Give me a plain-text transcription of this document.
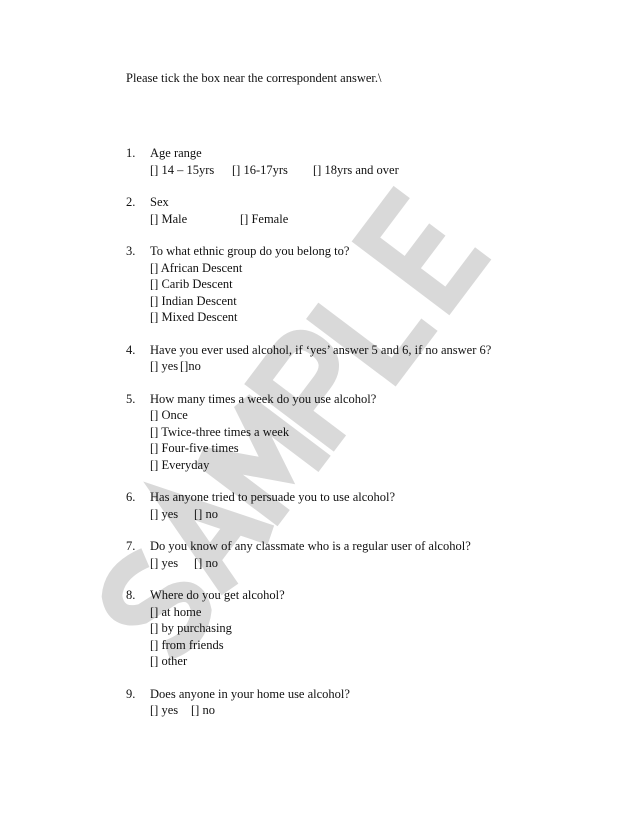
Please tick the box near the correspondent answer.\
1. Age range
[] 14 – 15yrs [] 16-17yrs [] 18yrs and over
2. Sex
[] Male	[] Female
3. To what ethnic group do you belong to?
[] African Descent
[] Carib Descent
[] Indian Descent
[] Mixed Descent
4. Have you ever used alcohol, if ‘yes’ answer 5 and 6, if no answer 6?
[] yes []no
5. How many times a week do you use alcohol?
[] Once
[] Twice-three times a week
[] Four-five times
[] Everyday
6. Has anyone tried to persuade you to use alcohol?
[] yes [] no
7. Do you know of any classmate who is a regular user of alcohol?
[] yes [] no
8. Where do you get alcohol?
[] at home
[] by purchasing
[] from friends
[] other
9. Does anyone in your home use alcohol?
[] yes [] no
